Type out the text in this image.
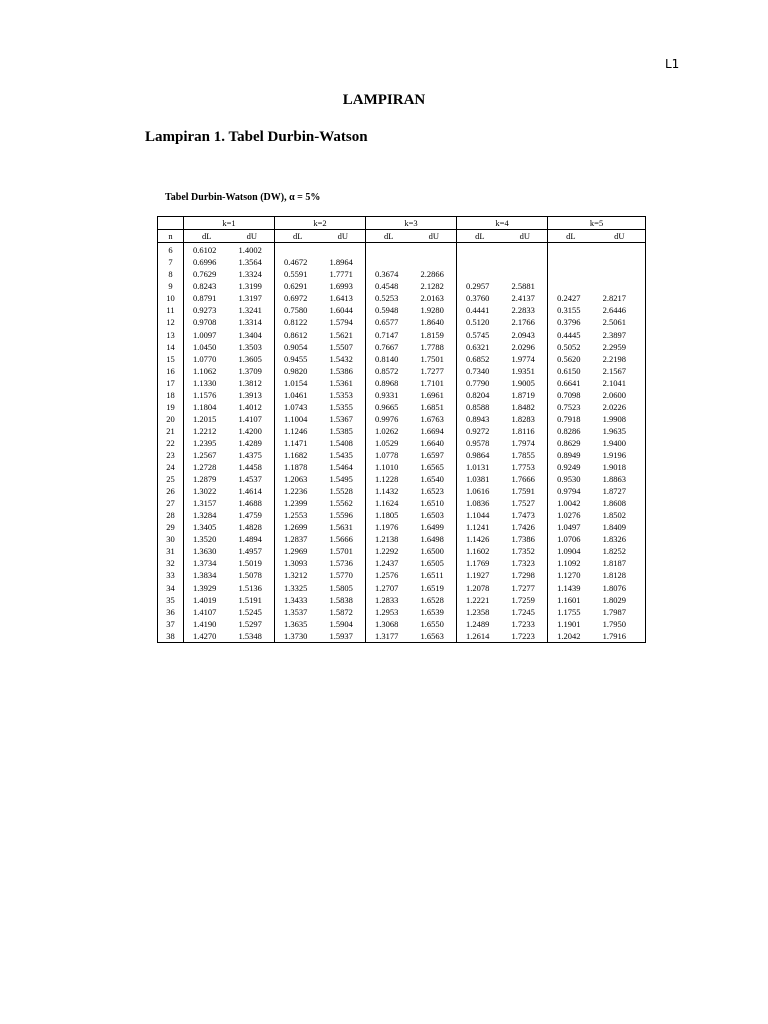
L1
LAMPIRAN
Lampiran 1. Tabel Durbin-Watson
Tabel Durbin-Watson (DW), α = 5%
	k=1		k=2		k=3		k=4		k=5	
n	dL	dU	dL	dU	dL	dU	dL	dU	dL	dU
6	0.6102	1.4002								
7	0.6996	1.3564	0.4672	1.8964						
8	0.7629	1.3324	0.5591	1.7771	0.3674	2.2866				
9	0.8243	1.3199	0.6291	1.6993	0.4548	2.1282	0.2957	2.5881		
10	0.8791	1.3197	0.6972	1.6413	0.5253	2.0163	0.3760	2.4137	0.2427	2.8217
11	0.9273	1.3241	0.7580	1.6044	0.5948	1.9280	0.4441	2.2833	0.3155	2.6446
12	0.9708	1.3314	0.8122	1.5794	0.6577	1.8640	0.5120	2.1766	0.3796	2.5061
13	1.0097	1.3404	0.8612	1.5621	0.7147	1.8159	0.5745	2.0943	0.4445	2.3897
14	1.0450	1.3503	0.9054	1.5507	0.7667	1.7788	0.6321	2.0296	0.5052	2.2959
15	1.0770	1.3605	0.9455	1.5432	0.8140	1.7501	0.6852	1.9774	0.5620	2.2198
16	1.1062	1.3709	0.9820	1.5386	0.8572	1.7277	0.7340	1.9351	0.6150	2.1567
17	1.1330	1.3812	1.0154	1.5361	0.8968	1.7101	0.7790	1.9005	0.6641	2.1041
18	1.1576	1.3913	1.0461	1.5353	0.9331	1.6961	0.8204	1.8719	0.7098	2.0600
19	1.1804	1.4012	1.0743	1.5355	0.9665	1.6851	0.8588	1.8482	0.7523	2.0226
20	1.2015	1.4107	1.1004	1.5367	0.9976	1.6763	0.8943	1.8283	0.7918	1.9908
21	1.2212	1.4200	1.1246	1.5385	1.0262	1.6694	0.9272	1.8116	0.8286	1.9635
22	1.2395	1.4289	1.1471	1.5408	1.0529	1.6640	0.9578	1.7974	0.8629	1.9400
23	1.2567	1.4375	1.1682	1.5435	1.0778	1.6597	0.9864	1.7855	0.8949	1.9196
24	1.2728	1.4458	1.1878	1.5464	1.1010	1.6565	1.0131	1.7753	0.9249	1.9018
25	1.2879	1.4537	1.2063	1.5495	1.1228	1.6540	1.0381	1.7666	0.9530	1.8863
26	1.3022	1.4614	1.2236	1.5528	1.1432	1.6523	1.0616	1.7591	0.9794	1.8727
27	1.3157	1.4688	1.2399	1.5562	1.1624	1.6510	1.0836	1.7527	1.0042	1.8608
28	1.3284	1.4759	1.2553	1.5596	1.1805	1.6503	1.1044	1.7473	1.0276	1.8502
29	1.3405	1.4828	1.2699	1.5631	1.1976	1.6499	1.1241	1.7426	1.0497	1.8409
30	1.3520	1.4894	1.2837	1.5666	1.2138	1.6498	1.1426	1.7386	1.0706	1.8326
31	1.3630	1.4957	1.2969	1.5701	1.2292	1.6500	1.1602	1.7352	1.0904	1.8252
32	1.3734	1.5019	1.3093	1.5736	1.2437	1.6505	1.1769	1.7323	1.1092	1.8187
33	1.3834	1.5078	1.3212	1.5770	1.2576	1.6511	1.1927	1.7298	1.1270	1.8128
34	1.3929	1.5136	1.3325	1.5805	1.2707	1.6519	1.2078	1.7277	1.1439	1.8076
35	1.4019	1.5191	1.3433	1.5838	1.2833	1.6528	1.2221	1.7259	1.1601	1.8029
36	1.4107	1.5245	1.3537	1.5872	1.2953	1.6539	1.2358	1.7245	1.1755	1.7987
37	1.4190	1.5297	1.3635	1.5904	1.3068	1.6550	1.2489	1.7233	1.1901	1.7950
38	1.4270	1.5348	1.3730	1.5937	1.3177	1.6563	1.2614	1.7223	1.2042	1.7916
